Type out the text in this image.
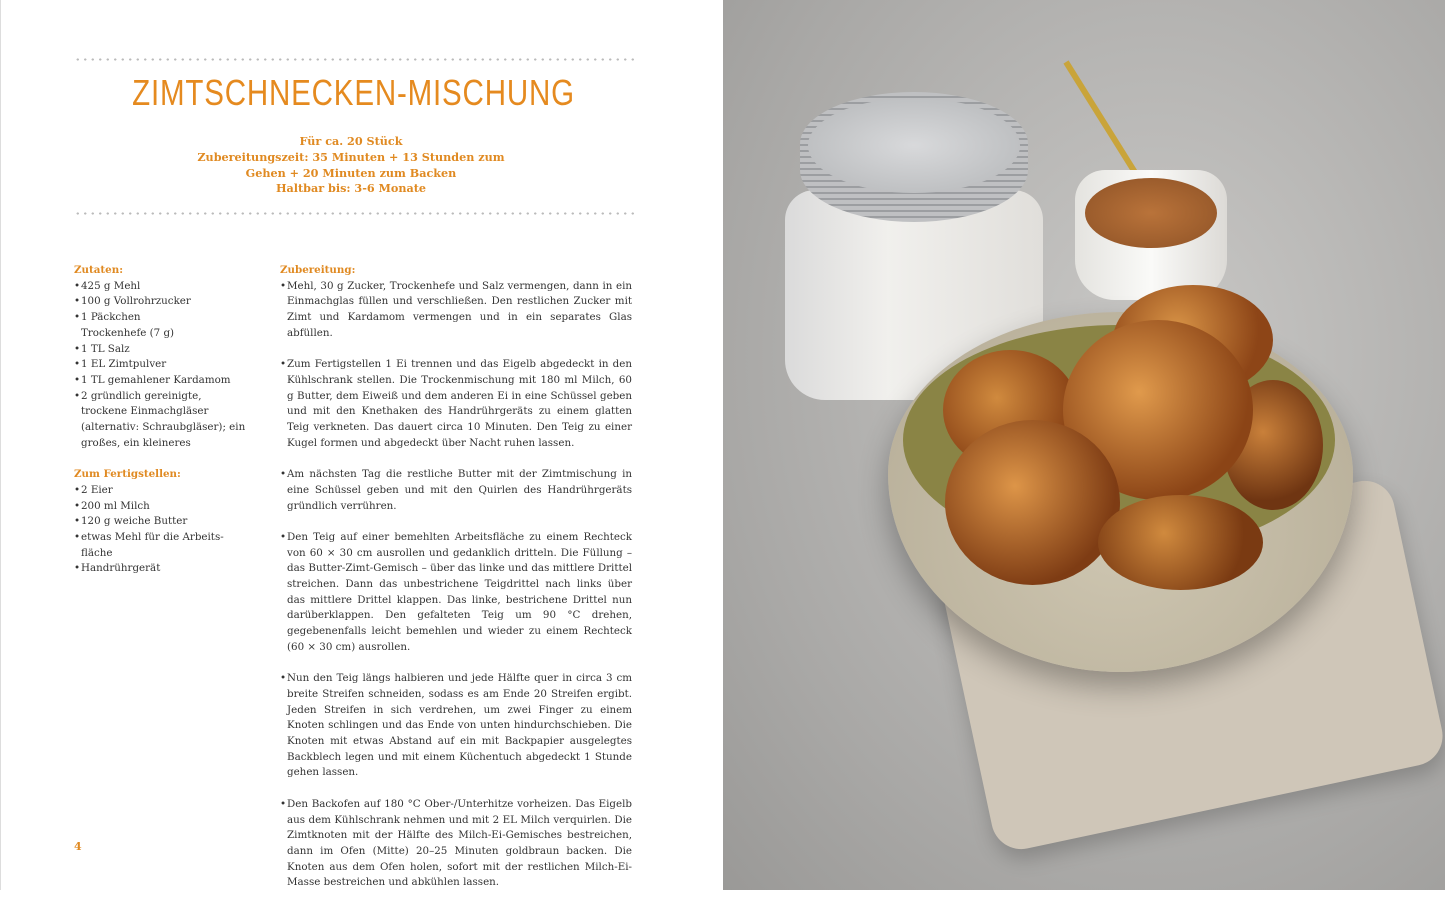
ZIMTSCHNECKEN-MISCHUNG
Für ca. 20 Stück
Zubereitungszeit: 35 Minuten + 13 Stunden zum
Gehen + 20 Minuten zum Backen
Haltbar bis: 3-6 Monate
Zutaten:
• 425 g Mehl
• 100 g Vollrohrzucker
• 1 Päckchen Trockenhefe (7 g)
• 1 TL Salz
• 1 EL Zimtpulver
• 1 TL gemahlener Kardamom
• 2 gründlich gereinigte, trockene Einmachgläser (alternativ: Schraubgläser); ein großes, ein kleineres
Zum Fertigstellen:
• 2 Eier
• 200 ml Milch
• 120 g weiche Butter
• etwas Mehl für die Arbeitsfläche
• Handrührgerät
Zubereitung:
• Mehl, 30 g Zucker, Trockenhefe und Salz vermengen, dann in ein Einmachglas füllen und verschließen. Den restlichen Zucker mit Zimt und Kardamom vermengen und in ein separates Glas abfüllen.
• Zum Fertigstellen 1 Ei trennen und das Eigelb abgedeckt in den Kühlschrank stellen. Die Trockenmischung mit 180 ml Milch, 60 g Butter, dem Eiweiß und dem anderen Ei in eine Schüssel geben und mit den Knethaken des Handrührgeräts zu einem glatten Teig verkneten. Das dauert circa 10 Minuten. Den Teig zu einer Kugel formen und abgedeckt über Nacht ruhen lassen.
• Am nächsten Tag die restliche Butter mit der Zimtmischung in eine Schüssel geben und mit den Quirlen des Handrührgeräts gründlich verrühren.
• Den Teig auf einer bemehlten Arbeitsfläche zu einem Rechteck von 60 × 30 cm ausrollen und gedanklich dritteln. Die Füllung – das Butter-Zimt-Gemisch – über das linke und das mittlere Drittel streichen. Dann das unbestrichene Teigdrittel nach links über das mittlere Drittel klappen. Das linke, bestrichene Drittel nun darüberklappen. Den gefalteten Teig um 90 °C drehen, gegebenenfalls leicht bemehlen und wieder zu einem Rechteck (60 × 30 cm) ausrollen.
• Nun den Teig längs halbieren und jede Hälfte quer in circa 3 cm breite Streifen schneiden, sodass es am Ende 20 Streifen ergibt. Jeden Streifen in sich verdrehen, um zwei Finger zu einem Knoten schlingen und das Ende von unten hindurchschieben. Die Knoten mit etwas Abstand auf ein mit Backpapier ausgelegtes Backblech legen und mit einem Küchentuch abgedeckt 1 Stunde gehen lassen.
• Den Backofen auf 180 °C Ober-/Unterhitze vorheizen. Das Eigelb aus dem Kühlschrank nehmen und mit 2 EL Milch verquirlen. Die Zimtknoten mit der Hälfte des Milch-Ei-Gemisches bestreichen, dann im Ofen (Mitte) 20–25 Minuten goldbraun backen. Die Knoten aus dem Ofen holen, sofort mit der restlichen Milch-Ei-Masse bestreichen und abkühlen lassen.
4
